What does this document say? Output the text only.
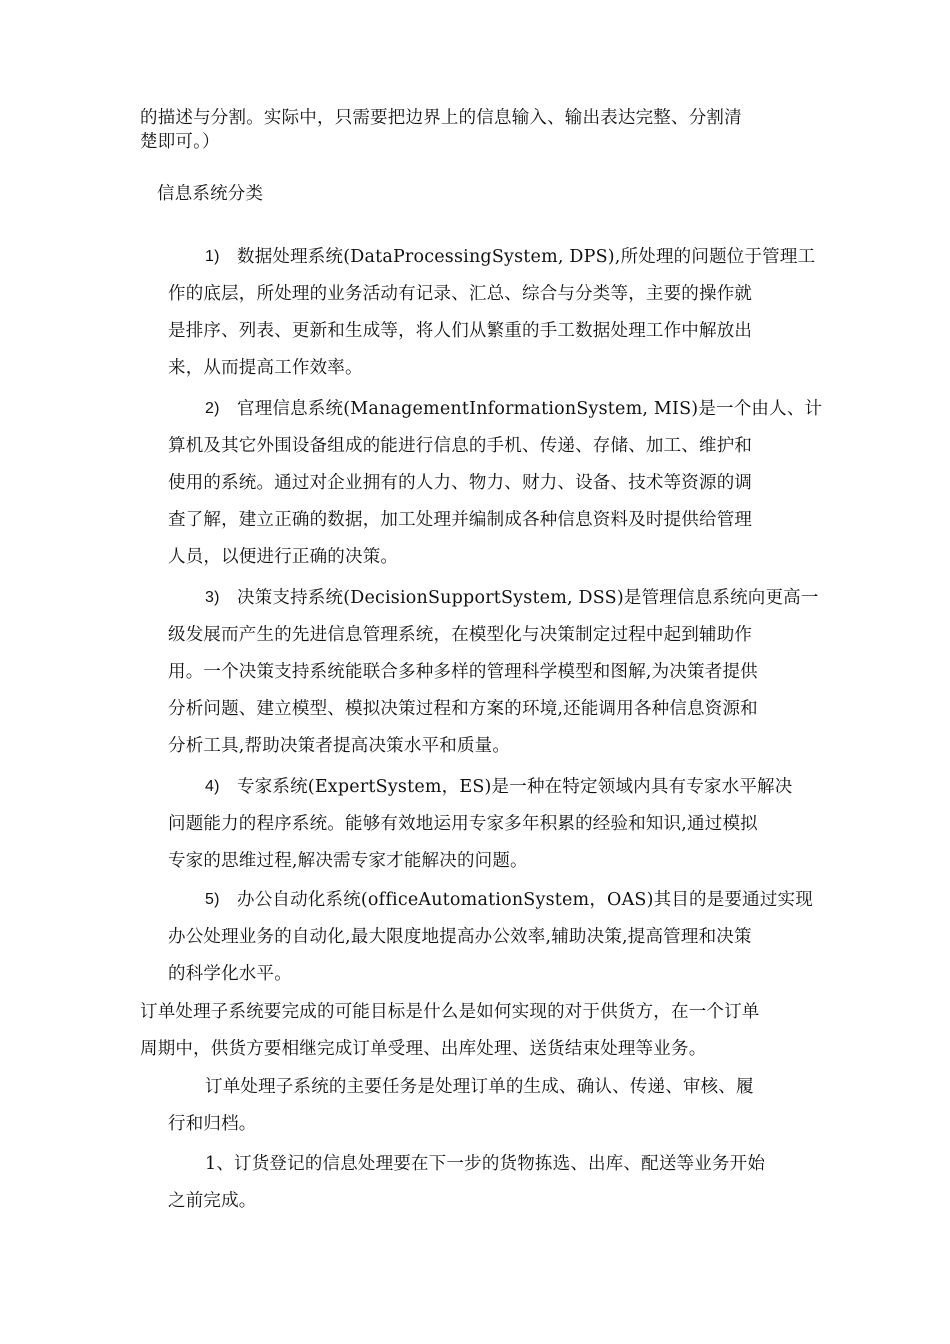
的描述与分割。实际中，只需要把边界上的信息输入、输出表达完整、分割清

楚即可。）

信息系统分类

1) 数据处理系统(DataProcessingSystem, DPS),所处理的问题位于管理工

作的底层，所处理的业务活动有记录、汇总、综合与分类等，主要的操作就

是排序、列表、更新和生成等，将人们从繁重的手工数据处理工作中解放出

来，从而提高工作效率。

2) 官理信息系统(ManagementInformationSystem, MIS)是一个由人、计

算机及其它外围设备组成的能进行信息的手机、传递、存储、加工、维护和

使用的系统。通过对企业拥有的人力、物力、财力、设备、技术等资源的调

查了解，建立正确的数据，加工处理并编制成各种信息资料及时提供给管理

人员，以便进行正确的决策。

3) 决策支持系统(DecisionSupportSystem, DSS)是管理信息系统向更高一

级发展而产生的先进信息管理系统，在模型化与决策制定过程中起到辅助作

用。一个决策支持系统能联合多种多样的管理科学模型和图解,为决策者提供

分析问题、建立模型、模拟决策过程和方案的环境,还能调用各种信息资源和

分析工具,帮助决策者提高决策水平和质量。

4) 专家系统(ExpertSystem，ES)是一种在特定领域内具有专家水平解决

问题能力的程序系统。能够有效地运用专家多年积累的经验和知识,通过模拟

专家的思维过程,解决需专家才能解决的问题。

5) 办公自动化系统(officeAutomationSystem，OAS)其目的是要通过实现

办公处理业务的自动化,最大限度地提高办公效率,辅助决策,提高管理和决策

的科学化水平。

订单处理子系统要完成的可能目标是什么是如何实现的对于供货方，在一个订单

周期中，供货方要相继完成订单受理、出库处理、送货结束处理等业务。

订单处理子系统的主要任务是处理订单的生成、确认、传递、审核、履

行和归档。

1、订货登记的信息处理要在下一步的货物拣选、出库、配送等业务开始

之前完成。
